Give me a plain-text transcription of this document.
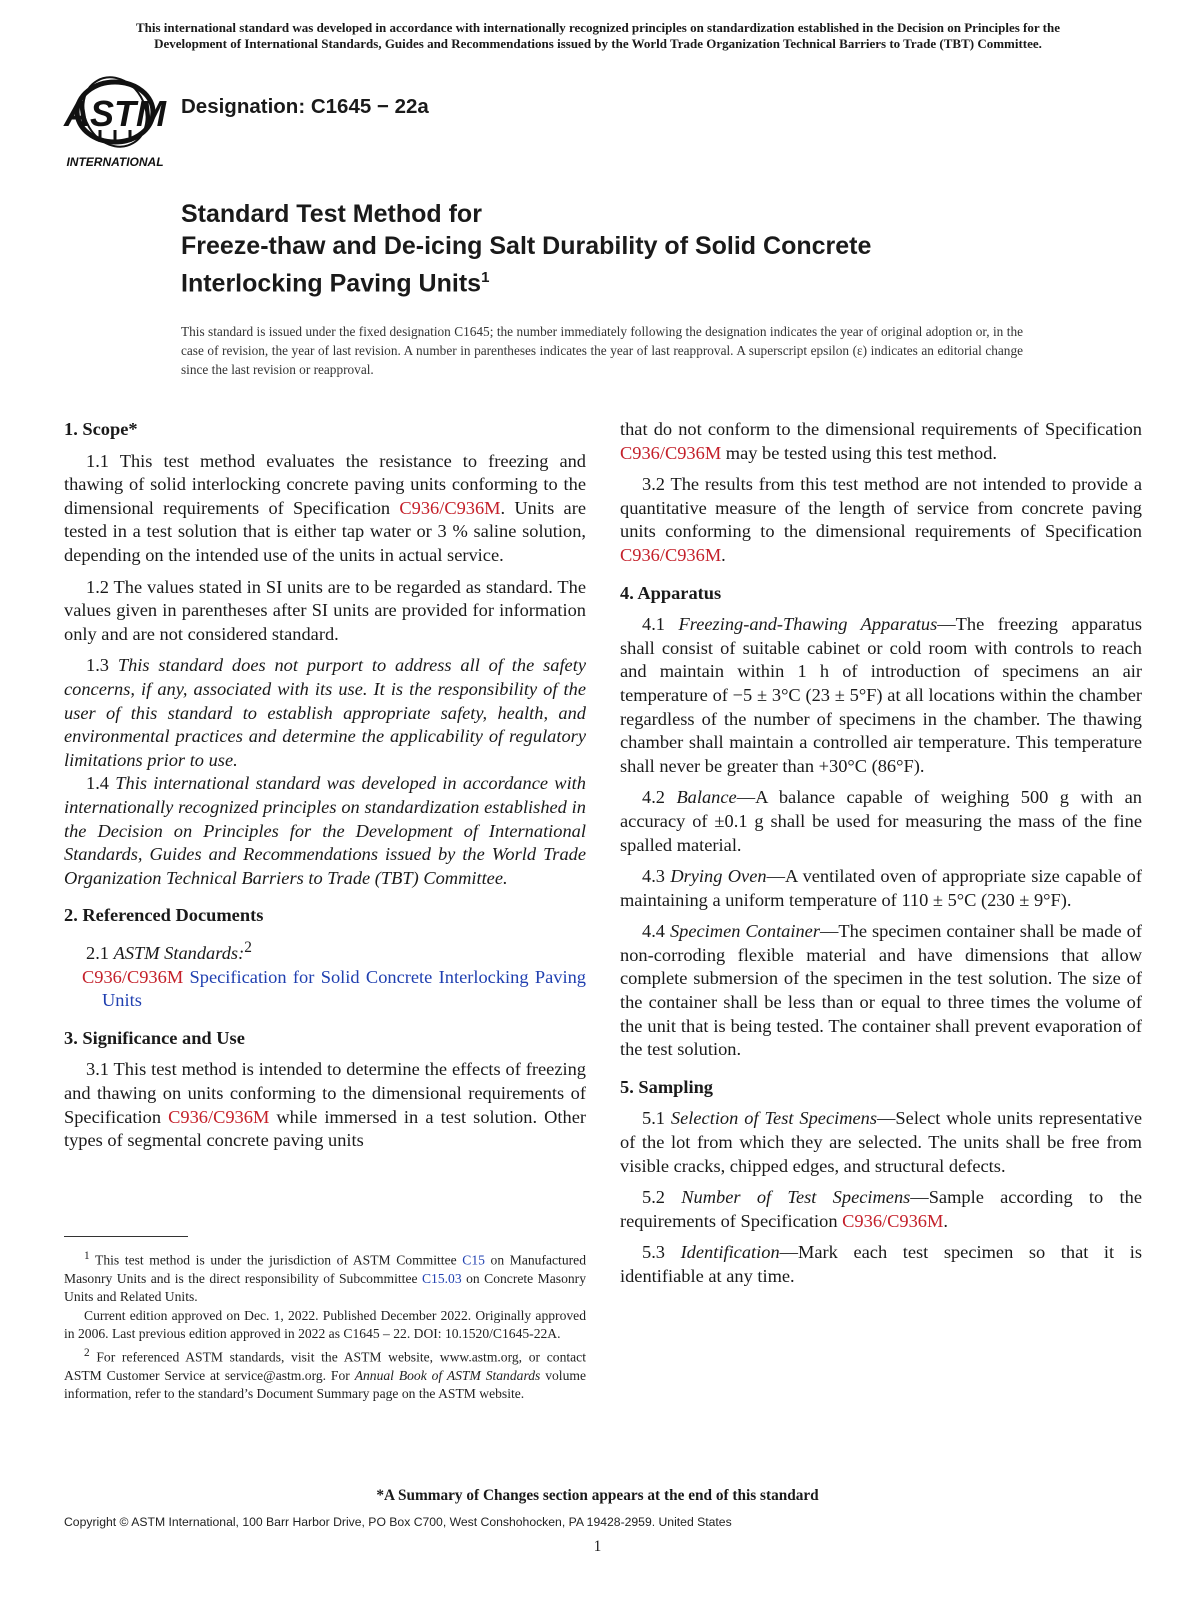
This international standard was developed in accordance with internationally recognized principles on standardization established in the Decision on Principles for the
Development of International Standards, Guides and Recommendations issued by the World Trade Organization Technical Barriers to Trade (TBT) Committee.
ASTM
INTERNATIONAL
Designation: C1645 − 22a
Standard Test Method for
Freeze-thaw and De-icing Salt Durability of Solid Concrete
Interlocking Paving Units$^1$
This standard is issued under the fixed designation C1645; the number immediately following the designation indicates the year of original adoption or, in the case of revision, the year of last revision. A number in parentheses indicates the year of last reapproval. A superscript epsilon (ε) indicates an editorial change since the last revision or reapproval.
1. Scope*

1.1 This test method evaluates the resistance to freezing and thawing of solid interlocking concrete paving units conforming to the dimensional requirements of Specification C936/C936M. Units are tested in a test solution that is either tap water or 3 % saline solution, depending on the intended use of the units in actual service.

1.2 The values stated in SI units are to be regarded as standard. The values given in parentheses after SI units are provided for information only and are not considered standard.

1.3 This standard does not purport to address all of the safety concerns, if any, associated with its use. It is the responsibility of the user of this standard to establish appropriate safety, health, and environmental practices and determine the applicability of regulatory limitations prior to use.

1.4 This international standard was developed in accordance with internationally recognized principles on standardization established in the Decision on Principles for the Development of International Standards, Guides and Recommendations issued by the World Trade Organization Technical Barriers to Trade (TBT) Committee.

2. Referenced Documents

2.1 ASTM Standards:$^2$

C936/C936M Specification for Solid Concrete Interlocking Paving Units

3. Significance and Use

3.1 This test method is intended to determine the effects of freezing and thawing on units conforming to the dimensional requirements of Specification C936/C936M while immersed in a test solution. Other types of segmental concrete paving units

$^1$ This test method is under the jurisdiction of ASTM Committee C15 on Manufactured Masonry Units and is the direct responsibility of Subcommittee C15.03 on Concrete Masonry Units and Related Units.

Current edition approved on Dec. 1, 2022. Published December 2022. Originally approved in 2006. Last previous edition approved in 2022 as C1645 – 22. DOI: 10.1520/C1645-22A.

$^2$ For referenced ASTM standards, visit the ASTM website, www.astm.org, or contact ASTM Customer Service at service@astm.org. For Annual Book of ASTM Standards volume information, refer to the standard’s Document Summary page on the ASTM website.

that do not conform to the dimensional requirements of Specification C936/C936M may be tested using this test method.

3.2 The results from this test method are not intended to provide a quantitative measure of the length of service from concrete paving units conforming to the dimensional requirements of Specification C936/C936M.

4. Apparatus

4.1 Freezing-and-Thawing Apparatus—The freezing apparatus shall consist of suitable cabinet or cold room with controls to reach and maintain within 1 h of introduction of specimens an air temperature of −5 ± 3°C (23 ± 5°F) at all locations within the chamber regardless of the number of specimens in the chamber. The thawing chamber shall maintain a controlled air temperature. This temperature shall never be greater than +30°C (86°F).

4.2 Balance—A balance capable of weighing 500 g with an accuracy of ±0.1 g shall be used for measuring the mass of the fine spalled material.

4.3 Drying Oven—A ventilated oven of appropriate size capable of maintaining a uniform temperature of 110 ± 5°C (230 ± 9°F).

4.4 Specimen Container—The specimen container shall be made of non-corroding flexible material and have dimensions that allow complete submersion of the specimen in the test solution. The size of the container shall be less than or equal to three times the volume of the unit that is being tested. The container shall prevent evaporation of the test solution.

5. Sampling

5.1 Selection of Test Specimens—Select whole units representative of the lot from which they are selected. The units shall be free from visible cracks, chipped edges, and structural defects.

5.2 Number of Test Specimens—Sample according to the requirements of Specification C936/C936M.

5.3 Identification—Mark each test specimen so that it is identifiable at any time.

*A Summary of Changes section appears at the end of this standard
Copyright © ASTM International, 100 Barr Harbor Drive, PO Box C700, West Conshohocken, PA 19428-2959. United States
1
